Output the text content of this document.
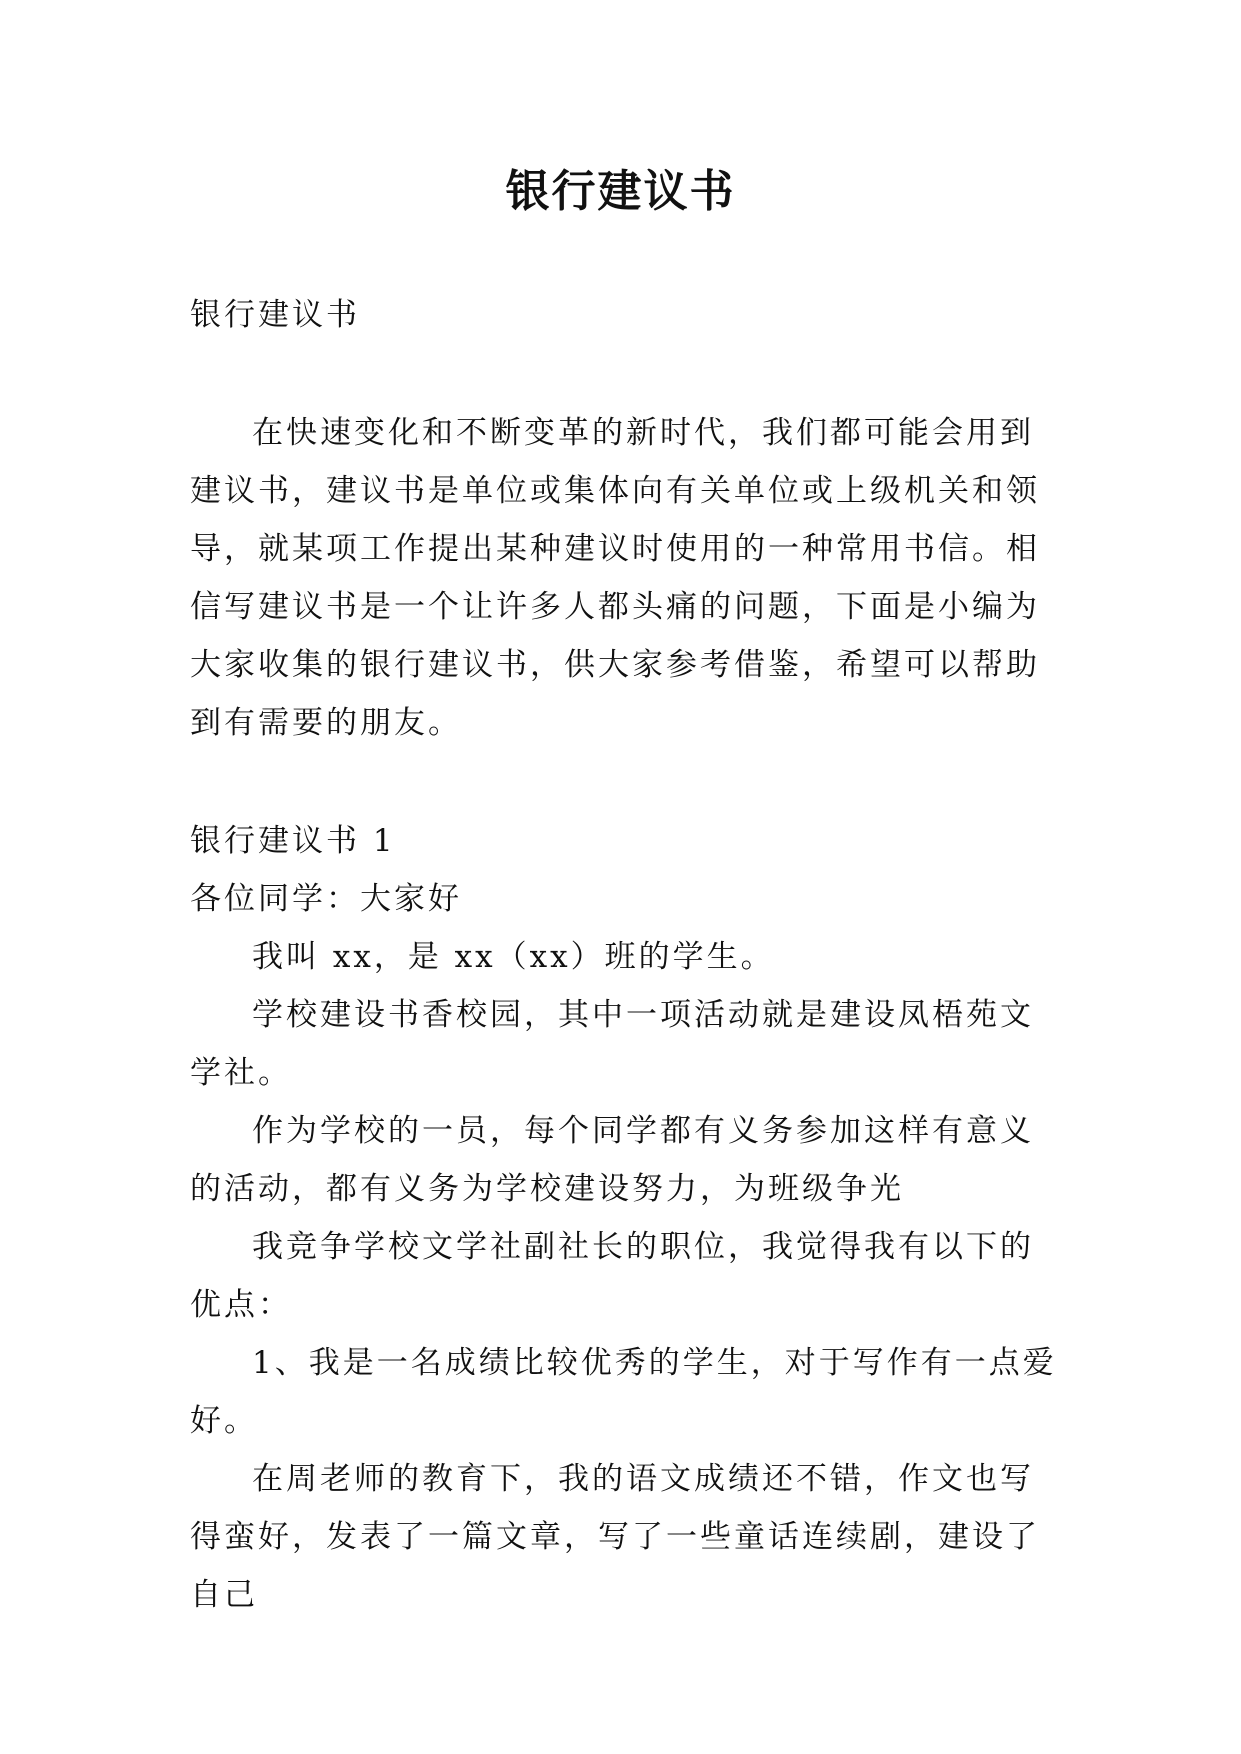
银行建议书

银行建议书

在快速变化和不断变革的新时代，我们都可能会用到建议书，建议书是单位或集体向有关单位或上级机关和领导，就某项工作提出某种建议时使用的一种常用书信。相信写建议书是一个让许多人都头痛的问题，下面是小编为大家收集的银行建议书，供大家参考借鉴，希望可以帮助到有需要的朋友。

银行建议书 1

各位同学：大家好

我叫 xx，是 xx（xx）班的学生。

学校建设书香校园，其中一项活动就是建设凤梧苑文学社。

作为学校的一员，每个同学都有义务参加这样有意义的活动，都有义务为学校建设努力，为班级争光

我竞争学校文学社副社长的职位，我觉得我有以下的优点：

1、我是一名成绩比较优秀的学生，对于写作有一点爱好。

在周老师的教育下，我的语文成绩还不错，作文也写得蛮好，发表了一篇文章，写了一些童话连续剧，建设了自己
